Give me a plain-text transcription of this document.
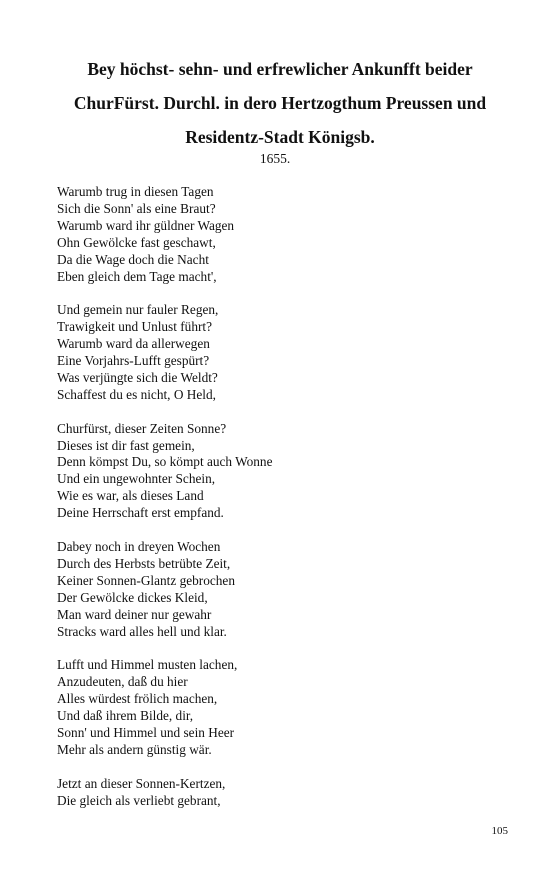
Bey höchst- sehn- und erfrewlicher Ankunfft beider
ChurFürst. Durchl. in dero Hertzogthum Preussen und
Residentz-Stadt Königsb.
1655.
Warumb trug in diesen Tagen
Sich die Sonn' als eine Braut?
Warumb ward ihr güldner Wagen
Ohn Gewölcke fast geschawt,
Da die Wage doch die Nacht
Eben gleich dem Tage macht',
Und gemein nur fauler Regen,
Trawigkeit und Unlust führt?
Warumb ward da allerwegen
Eine Vorjahrs-Lufft gespürt?
Was verjüngte sich die Weldt?
Schaffest du es nicht, O Held,
Churfürst, dieser Zeiten Sonne?
Dieses ist dir fast gemein,
Denn kömpst Du, so kömpt auch Wonne
Und ein ungewohnter Schein,
Wie es war, als dieses Land
Deine Herrschaft erst empfand.
Dabey noch in dreyen Wochen
Durch des Herbsts betrübte Zeit,
Keiner Sonnen-Glantz gebrochen
Der Gewölcke dickes Kleid,
Man ward deiner nur gewahr
Stracks ward alles hell und klar.
Lufft und Himmel musten lachen,
Anzudeuten, daß du hier
Alles würdest frölich machen,
Und daß ihrem Bilde, dir,
Sonn' und Himmel und sein Heer
Mehr als andern günstig wär.
Jetzt an dieser Sonnen-Kertzen,
Die gleich als verliebt gebrant,
105
